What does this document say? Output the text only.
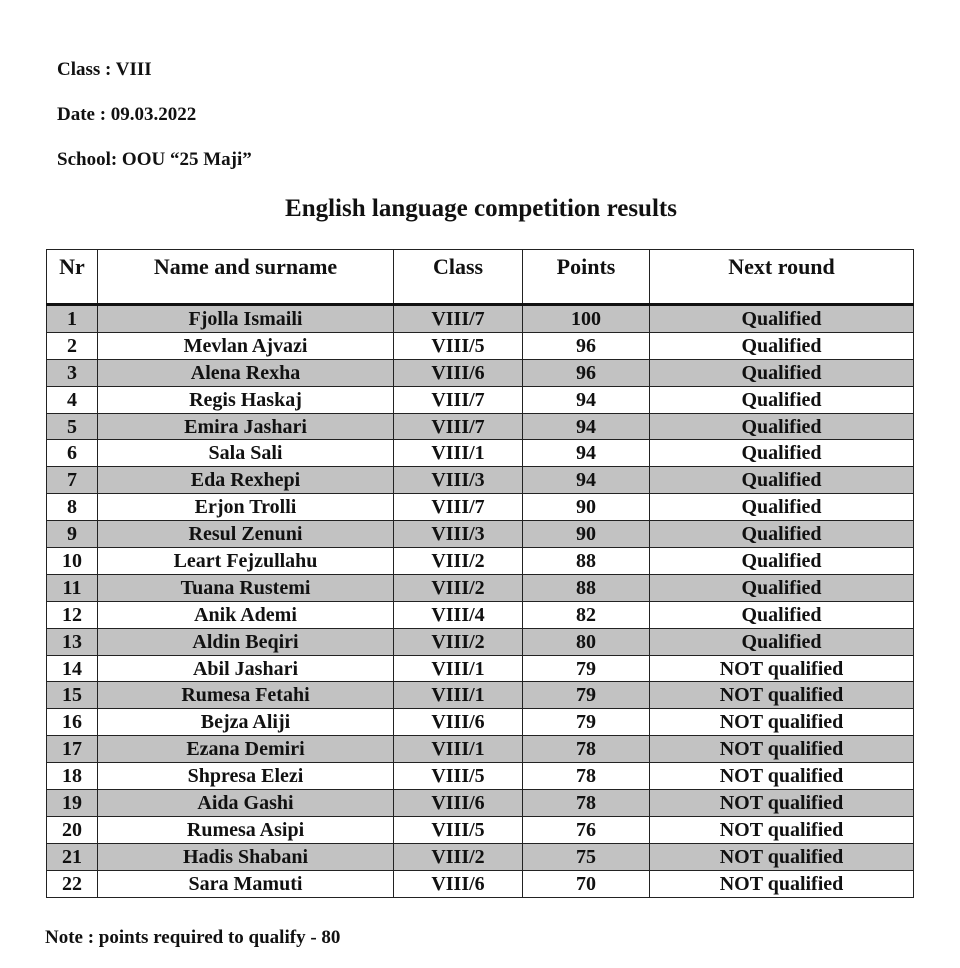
Class : VIII
Date : 09.03.2022
School: OOU “25 Maji”
English language competition results
Nr	Name and surname	Class	Points	Next round
1	Fjolla Ismaili	VIII/7	100	Qualified
2	Mevlan Ajvazi	VIII/5	96	Qualified
3	Alena Rexha	VIII/6	96	Qualified
4	Regis Haskaj	VIII/7	94	Qualified
5	Emira Jashari	VIII/7	94	Qualified
6	Sala Sali	VIII/1	94	Qualified
7	Eda Rexhepi	VIII/3	94	Qualified
8	Erjon Trolli	VIII/7	90	Qualified
9	Resul Zenuni	VIII/3	90	Qualified
10	Leart Fejzullahu	VIII/2	88	Qualified
11	Tuana Rustemi	VIII/2	88	Qualified
12	Anik Ademi	VIII/4	82	Qualified
13	Aldin Beqiri	VIII/2	80	Qualified
14	Abil Jashari	VIII/1	79	NOT qualified
15	Rumesa Fetahi	VIII/1	79	NOT qualified
16	Bejza Aliji	VIII/6	79	NOT qualified
17	Ezana Demiri	VIII/1	78	NOT qualified
18	Shpresa Elezi	VIII/5	78	NOT qualified
19	Aida Gashi	VIII/6	78	NOT qualified
20	Rumesa Asipi	VIII/5	76	NOT qualified
21	Hadis Shabani	VIII/2	75	NOT qualified
22	Sara Mamuti	VIII/6	70	NOT qualified
Note : points required to qualify - 80
